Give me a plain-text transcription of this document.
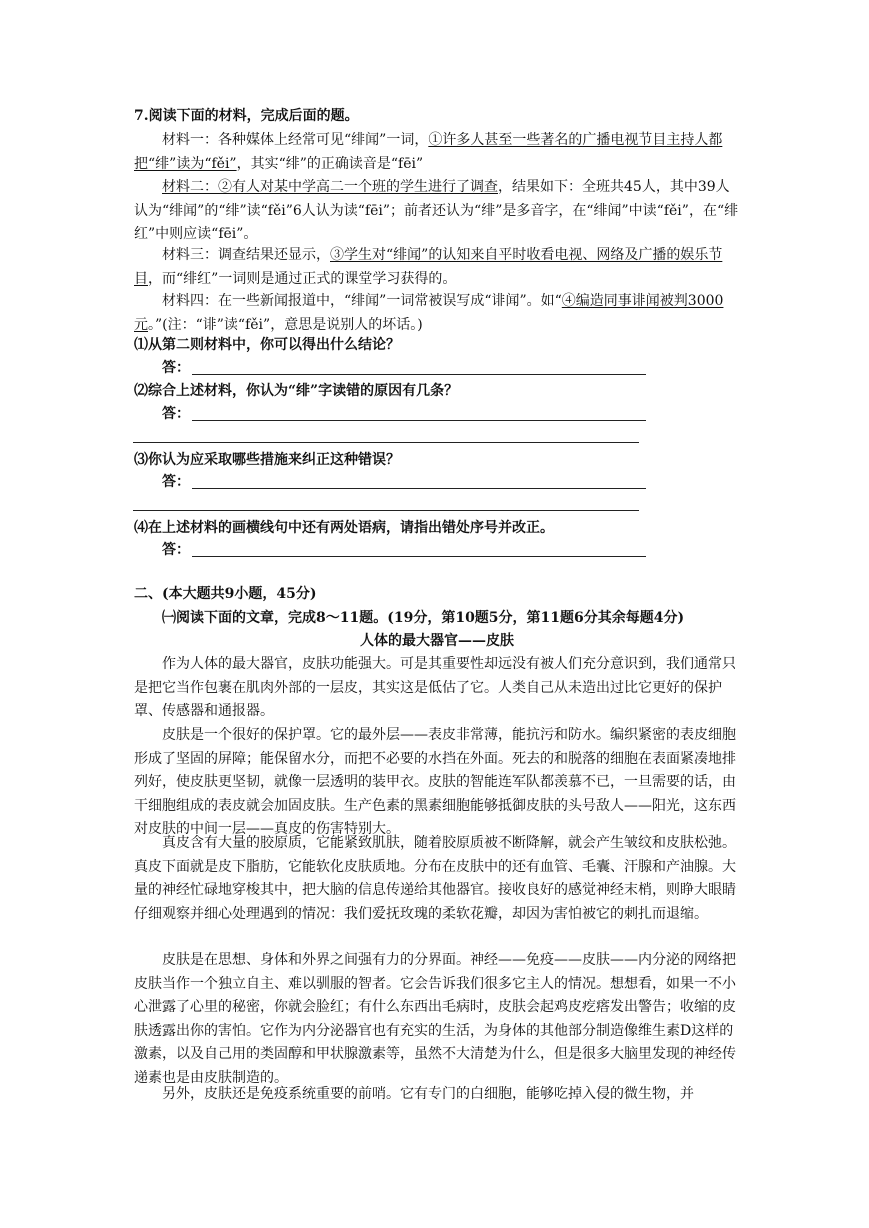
7.阅读下面的材料，完成后面的题。
材料一：各种媒体上经常可见“绯闻”一词，①许多人甚至一些著名的广播电视节目主持人都把“绯”读为“fěi”，其实“绯”的正确读音是“fēi”
材料二：②有人对某中学高二一个班的学生进行了调查，结果如下：全班共45人，其中39人认为“绯闻”的“绯”读“fěi”6人认为读“fēi”；前者还认为“绯”是多音字，在“绯闻”中读“fěi”，在“绯红”中则应读“fēi”。
材料三：调查结果还显示，③学生对“绯闻”的认知来自平时收看电视、网络及广播的娱乐节目，而“绯红”一词则是通过正式的课堂学习获得的。
材料四：在一些新闻报道中，“绯闻”一词常被误写成“诽闻”。如“④编造同事诽闻被判3000元。”(注：“诽”读“fěi”，意思是说别人的坏话。)
⑴从第二则材料中，你可以得出什么结论？
答：
⑵综合上述材料，你认为“绯”字读错的原因有几条？
答：
⑶你认为应采取哪些措施来纠正这种错误？
答：
⑷在上述材料的画横线句中还有两处语病，请指出错处序号并改正。
答：
二、(本大题共9小题，45分)
㈠阅读下面的文章，完成8～11题。(19分，第10题5分，第11题6分其余每题4分)
人体的最大器官——皮肤
作为人体的最大器官，皮肤功能强大。可是其重要性却远没有被人们充分意识到，我们通常只是把它当作包裹在肌肉外部的一层皮，其实这是低估了它。人类自己从未造出过比它更好的保护罩、传感器和通报器。
皮肤是一个很好的保护罩。它的最外层——表皮非常薄，能抗污和防水。编织紧密的表皮细胞形成了坚固的屏障；能保留水分，而把不必要的水挡在外面。死去的和脱落的细胞在表面紧凑地排列好，使皮肤更坚韧，就像一层透明的装甲衣。皮肤的智能连军队都羡慕不已，一旦需要的话，由干细胞组成的表皮就会加固皮肤。生产色素的黑素细胞能够抵御皮肤的头号敌人——阳光，这东西对皮肤的中间一层——真皮的伤害特别大。
真皮含有大量的胶原质，它能紧致肌肤，随着胶原质被不断降解，就会产生皱纹和皮肤松弛。真皮下面就是皮下脂肪，它能软化皮肤质地。分布在皮肤中的还有血管、毛囊、汗腺和产油腺。大量的神经忙碌地穿梭其中，把大脑的信息传递给其他器官。接收良好的感觉神经末梢，则睁大眼睛仔细观察并细心处理遇到的情况：我们爱抚玫瑰的柔软花瓣，却因为害怕被它的刺扎而退缩。
皮肤是在思想、身体和外界之间强有力的分界面。神经——免疫——皮肤——内分泌的网络把皮肤当作一个独立自主、难以驯服的智者。它会告诉我们很多它主人的情况。想想看，如果一不小心泄露了心里的秘密，你就会脸红；有什么东西出毛病时，皮肤会起鸡皮疙瘩发出警告；收缩的皮肤透露出你的害怕。它作为内分泌器官也有充实的生活，为身体的其他部分制造像维生素D这样的激素，以及自己用的类固醇和甲状腺激素等，虽然不大清楚为什么，但是很多大脑里发现的神经传递素也是由皮肤制造的。
另外，皮肤还是免疫系统重要的前哨。它有专门的白细胞，能够吃掉入侵的微生物，并
